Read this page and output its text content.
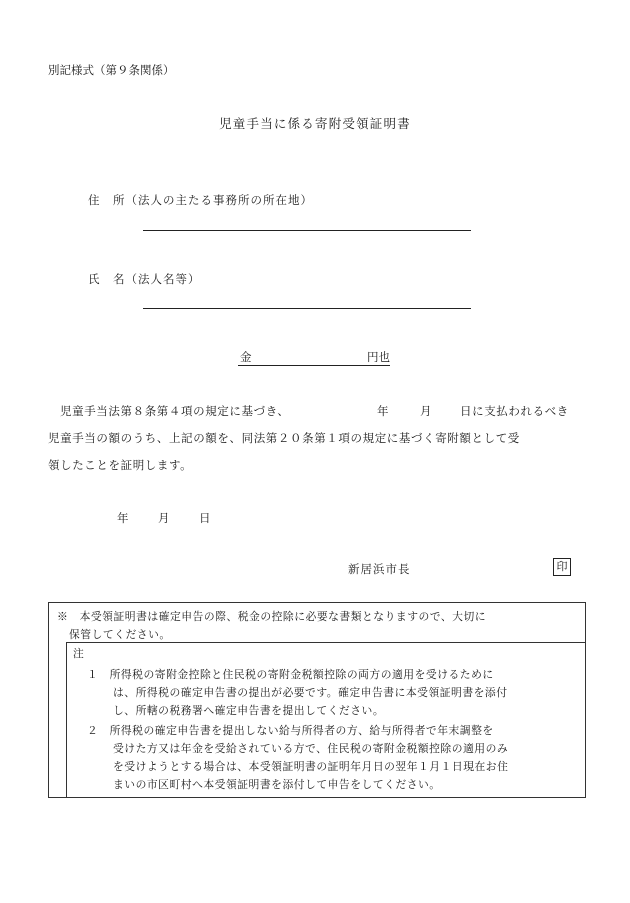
別記様式（第９条関係）
児童手当に係る寄附受領証明書
住　所（法人の主たる事務所の所在地）
氏　名（法人名等）
金	円也
児童手当法第８条第４項の規定に基づき、	年	月 日に支払われるべき
児童手当の額のうち、上記の額を、同法第２０条第１項の規定に基づく寄附額として受
領したことを証明します。
年	月	日
新居浜市長	印
※　本受領証明書は確定申告の際、税金の控除に必要な書類となりますので、大切に
保管してください。
注
１　所得税の寄附金控除と住民税の寄附金税額控除の両方の適用を受けるために
は、所得税の確定申告書の提出が必要です。確定申告書に本受領証明書を添付
し、所轄の税務署へ確定申告書を提出してください。
２　所得税の確定申告書を提出しない給与所得者の方、給与所得者で年末調整を
受けた方又は年金を受給されている方で、住民税の寄附金税額控除の適用のみ
を受けようとする場合は、本受領証明書の証明年月日の翌年１月１日現在お住
まいの市区町村へ本受領証明書を添付して申告をしてください。
